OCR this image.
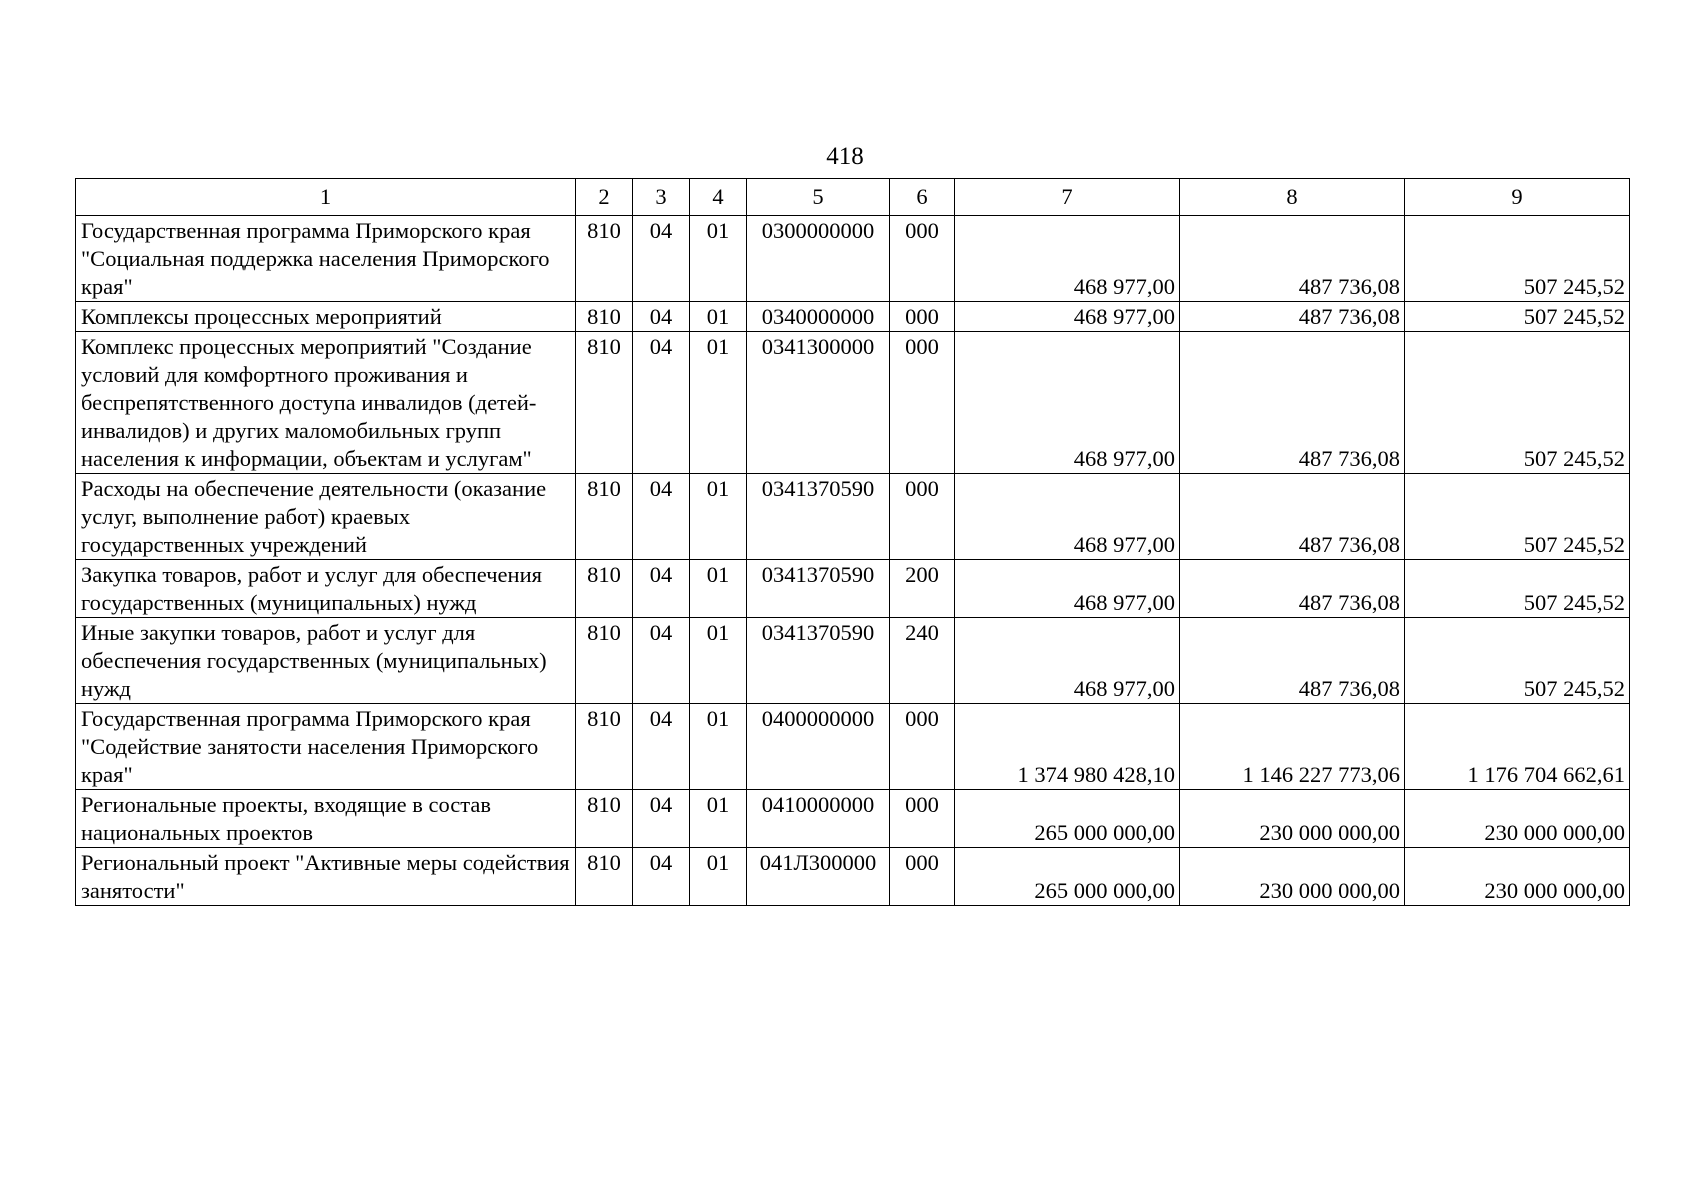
418
1	2	3	4	5	6	7	8	9
Государственная программа Приморского края "Социальная поддержка населения Приморского края"	810	04	01	0300000000	000	468 977,00	487 736,08	507 245,52
Комплексы процессных мероприятий	810	04	01	0340000000	000	468 977,00	487 736,08	507 245,52
Комплекс процессных мероприятий "Создание условий для комфортного проживания и беспрепятственного доступа инвалидов (детей-инвалидов) и других маломобильных групп населения к информации, объектам и услугам"	810	04	01	0341300000	000	468 977,00	487 736,08	507 245,52
Расходы на обеспечение деятельности (оказание услуг, выполнение работ) краевых государственных учреждений	810	04	01	0341370590	000	468 977,00	487 736,08	507 245,52
Закупка товаров, работ и услуг для обеспечения государственных (муниципальных) нужд	810	04	01	0341370590	200	468 977,00	487 736,08	507 245,52
Иные закупки товаров, работ и услуг для обеспечения государственных (муниципальных) нужд	810	04	01	0341370590	240	468 977,00	487 736,08	507 245,52
Государственная программа Приморского края "Содействие занятости населения Приморского края"	810	04	01	0400000000	000	1 374 980 428,10	1 146 227 773,06	1 176 704 662,61
Региональные проекты, входящие в состав национальных проектов	810	04	01	0410000000	000	265 000 000,00	230 000 000,00	230 000 000,00
Региональный проект "Активные меры содействия занятости"	810	04	01	041Л300000	000	265 000 000,00	230 000 000,00	230 000 000,00
